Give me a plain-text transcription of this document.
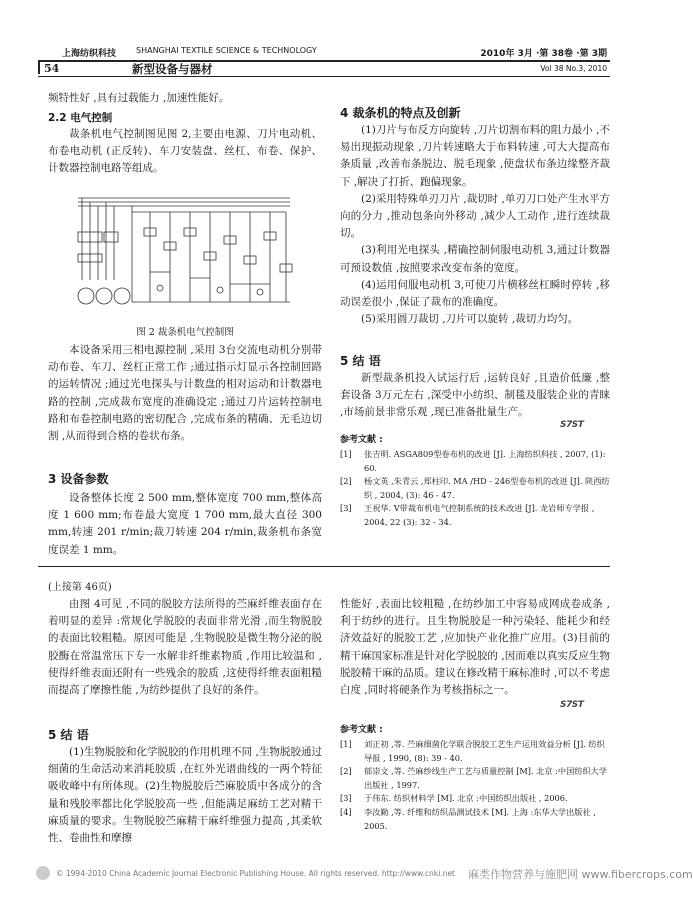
上海纺织科技 SHANGHAI TEXTILE SCIENCE & TECHNOLOGY	2010年 3月 ·第 38卷 ·第 3期
54	新型设备与器材	Vol 38 No.3, 2010
频特性好 ,具有过载能力 ,加速性能好。
2.2 电气控制
裁条机电气控制图见图 2,主要由电源、刀片电动机、布卷电动机 (正反转)、车刀安装盘、丝杠、布卷、保护、计数器控制电路等组成。
图 2 裁条机电气控制图
本设备采用三相电源控制 ,采用 3台交流电动机分别带动布卷、车刀、丝杠正常工作 ;通过指示灯显示各控制回路的运转情况 ;通过光电探头与计数盘的相对运动和计数器电路的控制 ,完成裁布宽度的准确设定 ;通过刀片运转控制电路和布卷控制电路的密切配合 ,完成布条的精确、无毛边切割 ,从而得到合格的卷状布条。
3 设备参数
设备整体长度 2 500 mm,整体宽度 700 mm,整体高度 1 600 mm;布卷最大宽度 1 700 mm,最大直径 300 mm,转速 201 r/min;裁刀转速 204 r/min,裁条机布条宽度误差 1 mm。
4 裁条机的特点及创新

(1)刀片与布反方向旋转 ,刀片切割布料的阻力最小 ,不易出现振动现象 ,刀片转速略大于布料转速 ,可大大提高布条质量 ,改善布条脱边、脱毛现象 ,使盘状布条边缘整齐裁下 ,解决了打折、跑偏现象。

(2)采用特殊单刃刀片 ,裁切时 ,单刃刀口处产生水平方向的分力 ,推动包条向外移动 ,减少人工动作 ,进行连续裁切。

(3)利用光电探头 ,精确控制伺服电动机 3,通过计数器可预设数值 ,按照要求改变布条的宽度。

(4)运用伺服电动机 3,可使刀片横移丝杠瞬时停转 ,移动误差很小 ,保证了裁布的准确度。

(5)采用圆刀裁切 ,刀片可以旋转 ,裁切力均匀。

5 结 语
新型裁条机投入试运行后 ,运转良好 ,且造价低廉 ,整套设备 3万元左右 ,深受中小纺织、制毯及服装企业的青睐 ,市场前景非常乐观 ,现已准备批量生产。
S7ST
参考文献 :
[1] 张吉明. ASGA809型卷布机的改进 [J]. 上海纺织科技 , 2007, (1): 60.
[2] 杨文英 ,朱青云 ,郑柱印. MA /HD - 246型卷布机的改进 [J]. 陕西纺织 , 2004, (3): 46 - 47.
[3] 王祝华. V带裁布机电气控制系统的技术改进 [J]. 龙岩师专学报 , 2004, 22 (3): 32 - 34.
(上接第 46页)
由图 4可见 ,不同的脱胶方法所得的苎麻纤维表面存在着明显的差异 :常规化学脱胶的表面非常光滑 ,而生物脱胶的表面比较粗糙。原因可能是 ,生物脱胶是微生物分泌的脱胶酶在常温常压下专一水解非纤维素物质 ,作用比较温和 ,使得纤维表面还附有一些残余的胶质 ,这使得纤维表面粗糙而提高了摩擦性能 ,为纺纱提供了良好的条件。
5 结 语
(1)生物脱胶和化学脱胶的作用机理不同 ,生物脱胶通过细菌的生命活动来消耗胶质 ,在红外光谱曲线的一两个特征吸收峰中有所体现。(2)生物脱胶后苎麻胶质中各成分的含量和残胶率都比化学脱胶高一些 ,但能满足麻纺工艺对精干麻质量的要求。生物脱胶苎麻精干麻纤维强力提高 ,其柔软性、卷曲性和摩擦
性能好 ,表面比较粗糙 ,在纺纱加工中容易成网成卷成条 ,利于纺纱的进行。且生物脱胶是一种污染轻、能耗少和经济效益好的脱胶工艺 ,应加快产业化推广应用。(3)目前的精干麻国家标准是针对化学脱胶的 ,因而难以真实反应生物脱胶精干麻的品质。建议在修改精干麻标准时 ,可以不考虑白度 ,同时将硬条作为考核指标之一。
S7ST
参考文献 :
[1] 刘正初 ,等. 苎麻细菌化学联合脱胶工艺生产运用效益分析 [J]. 纺织导报 , 1990, (8): 39 - 40.
[2] 郁崇文 ,等. 苎麻纱线生产工艺与质量控制 [M]. 北京 :中国纺织大学出版社 , 1997.
[3] 于伟东. 纺织材料学 [M]. 北京 :中国纺织出版社 , 2006.
[4] 李汝勤 ,等. 纤维和纺织品测试技术 [M]. 上海 :东华大学出版社 , 2005.
© 1994-2010 China Academic Journal Electronic Publishing House. All rights reserved. http://www.cnki.net 麻类作物营养与施肥网 www.fibercrops.com
